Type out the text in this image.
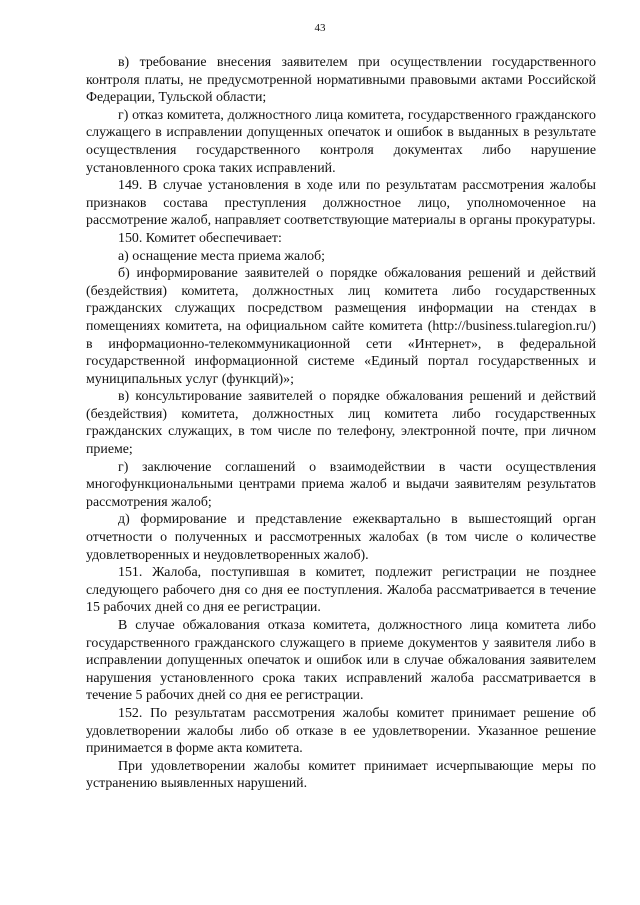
43

в) требование внесения заявителем при осуществлении государственного контроля платы, не предусмотренной нормативными правовыми актами Российской Федерации, Тульской области;

г) отказ комитета, должностного лица комитета, государственного гражданского служащего в исправлении допущенных опечаток и ошибок в выданных в результате осуществления государственного контроля документах либо нарушение установленного срока таких исправлений.

149. В случае установления в ходе или по результатам рассмотрения жалобы признаков состава преступления должностное лицо, уполномоченное на рассмотрение жалоб, направляет соответствующие материалы в органы прокуратуры.

150. Комитет обеспечивает:

а) оснащение места приема жалоб;

б) информирование заявителей о порядке обжалования решений и действий (бездействия) комитета, должностных лиц комитета либо государственных гражданских служащих посредством размещения информации на стендах в помещениях комитета, на официальном сайте комитета (http://business.tularegion.ru/) в информационно-телекоммуникационной сети «Интернет», в федеральной государственной информационной системе «Единый портал государственных и муниципальных услуг (функций)»;

в) консультирование заявителей о порядке обжалования решений и действий (бездействия) комитета, должностных лиц комитета либо государственных гражданских служащих, в том числе по телефону, электронной почте, при личном приеме;

г) заключение соглашений о взаимодействии в части осуществления многофункциональными центрами приема жалоб и выдачи заявителям результатов рассмотрения жалоб;

д) формирование и представление ежеквартально в вышестоящий орган отчетности о полученных и рассмотренных жалобах (в том числе о количестве удовлетворенных и неудовлетворенных жалоб).

151. Жалоба, поступившая в комитет, подлежит регистрации не позднее следующего рабочего дня со дня ее поступления. Жалоба рассматривается в течение 15 рабочих дней со дня ее регистрации.

В случае обжалования отказа комитета, должностного лица комитета либо государственного гражданского служащего в приеме документов у заявителя либо в исправлении допущенных опечаток и ошибок или в случае обжалования заявителем нарушения установленного срока таких исправлений жалоба рассматривается в течение 5 рабочих дней со дня ее регистрации.

152. По результатам рассмотрения жалобы комитет принимает решение об удовлетворении жалобы либо об отказе в ее удовлетворении. Указанное решение принимается в форме акта комитета.

При удовлетворении жалобы комитет принимает исчерпывающие меры по устранению выявленных нарушений.
